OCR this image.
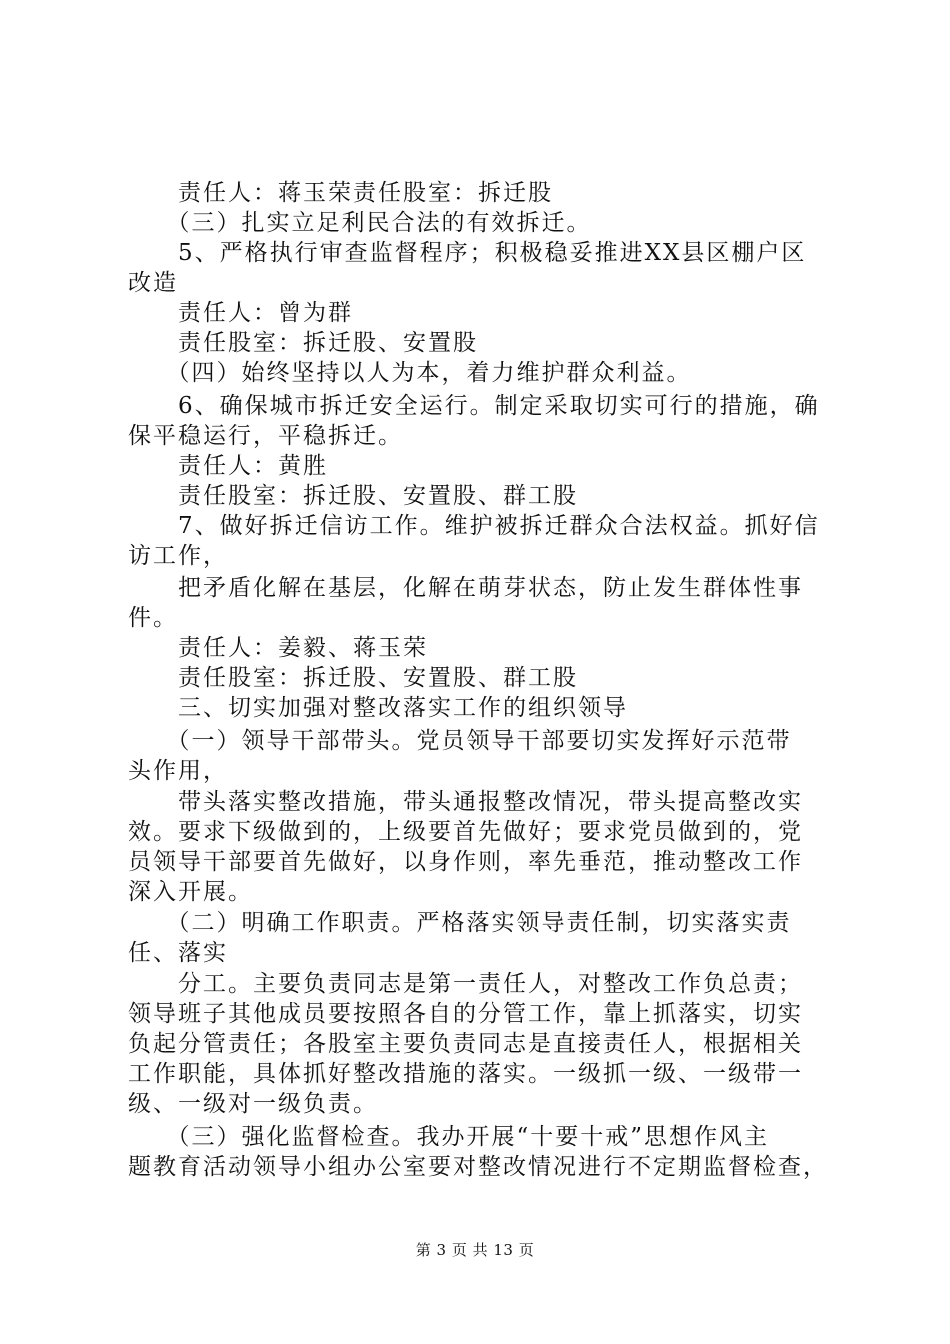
　　责任人：蒋玉荣责任股室：拆迁股
　　（三）扎实立足利民合法的有效拆迁。
　　5、严格执行审查监督程序；积极稳妥推进XX县区棚户区
改造
　　责任人：曾为群
　　责任股室：拆迁股、安置股
　　（四）始终坚持以人为本，着力维护群众利益。
　　6、确保城市拆迁安全运行。制定采取切实可行的措施，确
保平稳运行，平稳拆迁。
　　责任人：黄胜
　　责任股室：拆迁股、安置股、群工股
　　7、做好拆迁信访工作。维护被拆迁群众合法权益。抓好信
访工作，
　　把矛盾化解在基层，化解在萌芽状态，防止发生群体性事
件。
　　责任人：姜毅、蒋玉荣
　　责任股室：拆迁股、安置股、群工股
　　三、切实加强对整改落实工作的组织领导
　　（一）领导干部带头。党员领导干部要切实发挥好示范带
头作用，
　　带头落实整改措施，带头通报整改情况，带头提高整改实
效。要求下级做到的，上级要首先做好；要求党员做到的，党
员领导干部要首先做好，以身作则，率先垂范，推动整改工作
深入开展。
　　（二）明确工作职责。严格落实领导责任制，切实落实责
任、落实
　　分工。主要负责同志是第一责任人，对整改工作负总责；
领导班子其他成员要按照各自的分管工作，靠上抓落实，切实
负起分管责任；各股室主要负责同志是直接责任人，根据相关
工作职能，具体抓好整改措施的落实。一级抓一级、一级带一
级、一级对一级负责。
　　（三）强化监督检查。我办开展“十要十戒”思想作风主
题教育活动领导小组办公室要对整改情况进行不定期监督检查，
第 3 页 共 13 页
